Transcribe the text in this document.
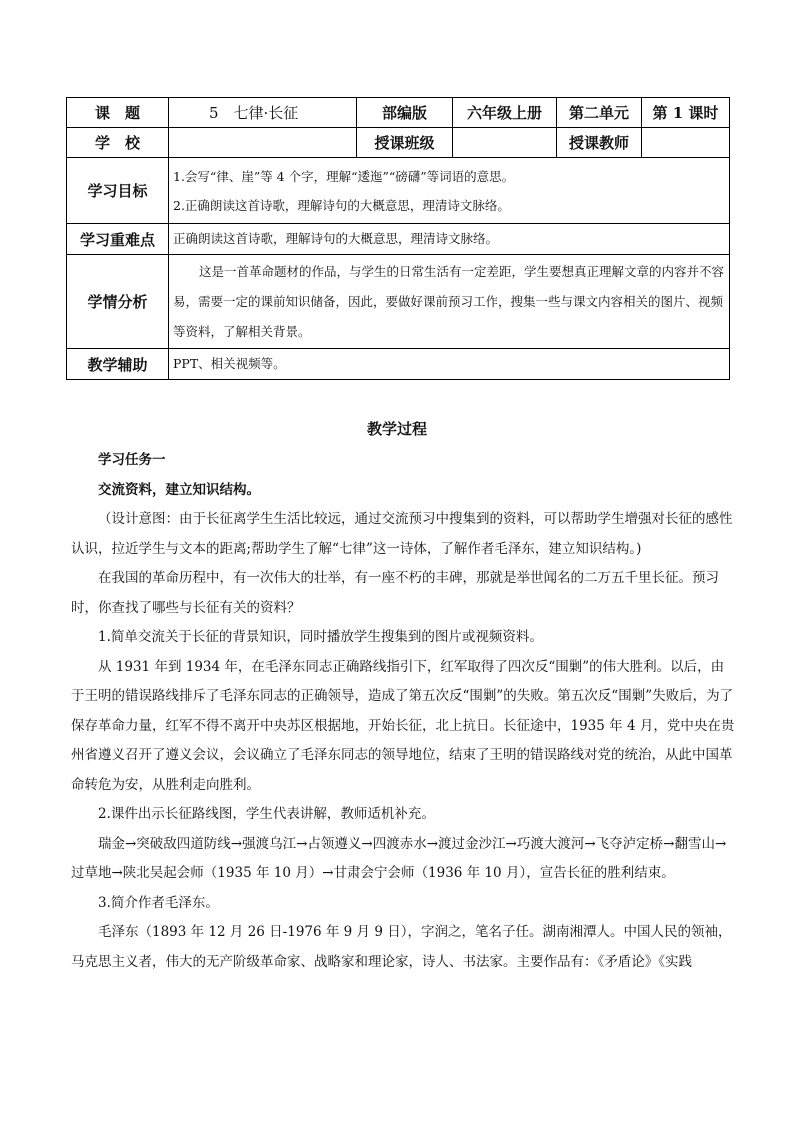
课　题	5　七律·长征	部编版	六年级上册	第二单元	第 1 课时
学　校		授课班级		授课教师	
学习目标	1.会写“律、崖”等 4 个字，理解“逶迤”“磅礴”等词语的意思。
2.正确朗读这首诗歌，理解诗句的大概意思，理清诗文脉络。				

学习重难点	正确朗读这首诗歌，理解诗句的大概意思，理清诗文脉络。				
学情分析	这是一首革命题材的作品，与学生的日常生活有一定差距，学生要想真正理解文章的内容并不容易，需要一定的课前知识储备，因此，要做好课前预习工作，搜集一些与课文内容相关的图片、视频等资料，了解相关背景。				
教学辅助	PPT、相关视频等。				
教学过程

学习任务一

交流资料，建立知识结构。

（设计意图：由于长征离学生生活比较远，通过交流预习中搜集到的资料，可以帮助学生增强对长征的感性认识，拉近学生与文本的距离;帮助学生了解“七律”这一诗体，了解作者毛泽东，建立知识结构。)

在我国的革命历程中，有一次伟大的壮举，有一座不朽的丰碑，那就是举世闻名的二万五千里长征。预习时，你查找了哪些与长征有关的资料？

1.简单交流关于长征的背景知识，同时播放学生搜集到的图片或视频资料。

从 1931 年到 1934 年，在毛泽东同志正确路线指引下，红军取得了四次反“围剿”的伟大胜利。以后，由于王明的错误路线排斥了毛泽东同志的正确领导，造成了第五次反“围剿”的失败。第五次反“围剿”失败后，为了保存革命力量，红军不得不离开中央苏区根据地，开始长征，北上抗日。长征途中，1935 年 4 月，党中央在贵州省遵义召开了遵义会议，会议确立了毛泽东同志的领导地位，结束了王明的错误路线对党的统治，从此中国革命转危为安，从胜利走向胜利。

2.课件出示长征路线图，学生代表讲解，教师适机补充。

瑞金→突破敌四道防线→强渡乌江→占领遵义→四渡赤水→渡过金沙江→巧渡大渡河→飞夺泸定桥→翻雪山→过草地→陕北吴起会师（1935 年 10 月）→甘肃会宁会师（1936 年 10 月），宣告长征的胜利结束。

3.简介作者毛泽东。

毛泽东（1893 年 12 月 26 日-1976 年 9 月 9 日），字润之，笔名子任。湖南湘潭人。中国人民的领袖，马克思主义者，伟大的无产阶级革命家、战略家和理论家，诗人、书法家。主要作品有：《矛盾论》《实践
